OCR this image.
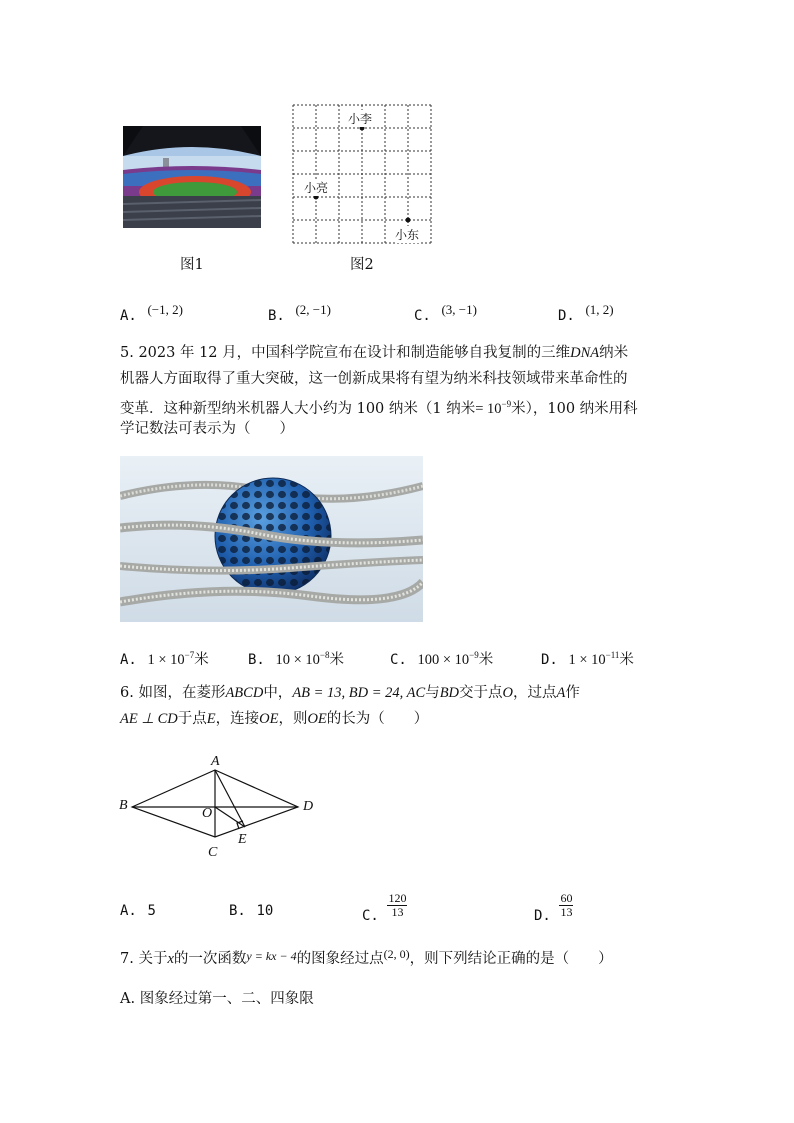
图1
小李
小亮
小东
图2
A. (−1, 2)	B. (2, −1)	C. (3, −1)	D. (1, 2)
5. 2023 年 12 月，中国科学院宣布在设计和制造能够自我复制的三维DNA纳米
机器人方面取得了重大突破，这一创新成果将有望为纳米科技领域带来革命性的
变革．这种新型纳米机器人大小约为 100 纳米（1 纳米= $10^{-9}$米），100 纳米用科
学记数法可表示为（　　）
A. $1 \times 10^{-7}$米	B. $10 \times 10^{-8}$米	C. $100 \times 10^{-9}$米	D. $1 \times 10^{-11}$米
6. 如图，在菱形ABCD中，AB = 13, BD = 24, AC与BD交于点O，过点A作
AE ⊥ CD于点E，连接OE，则OE的长为（　　）
A
B	D
O
E
C
A. 5	B. 10	C. $\frac{120}{13}$	D. $\frac{60}{13}$
7. 关于x的一次函数$^{y = kx - 4}$的图象经过点$^{(2, 0)}$，则下列结论正确的是（　　）
A. 图象经过第一、二、四象限
